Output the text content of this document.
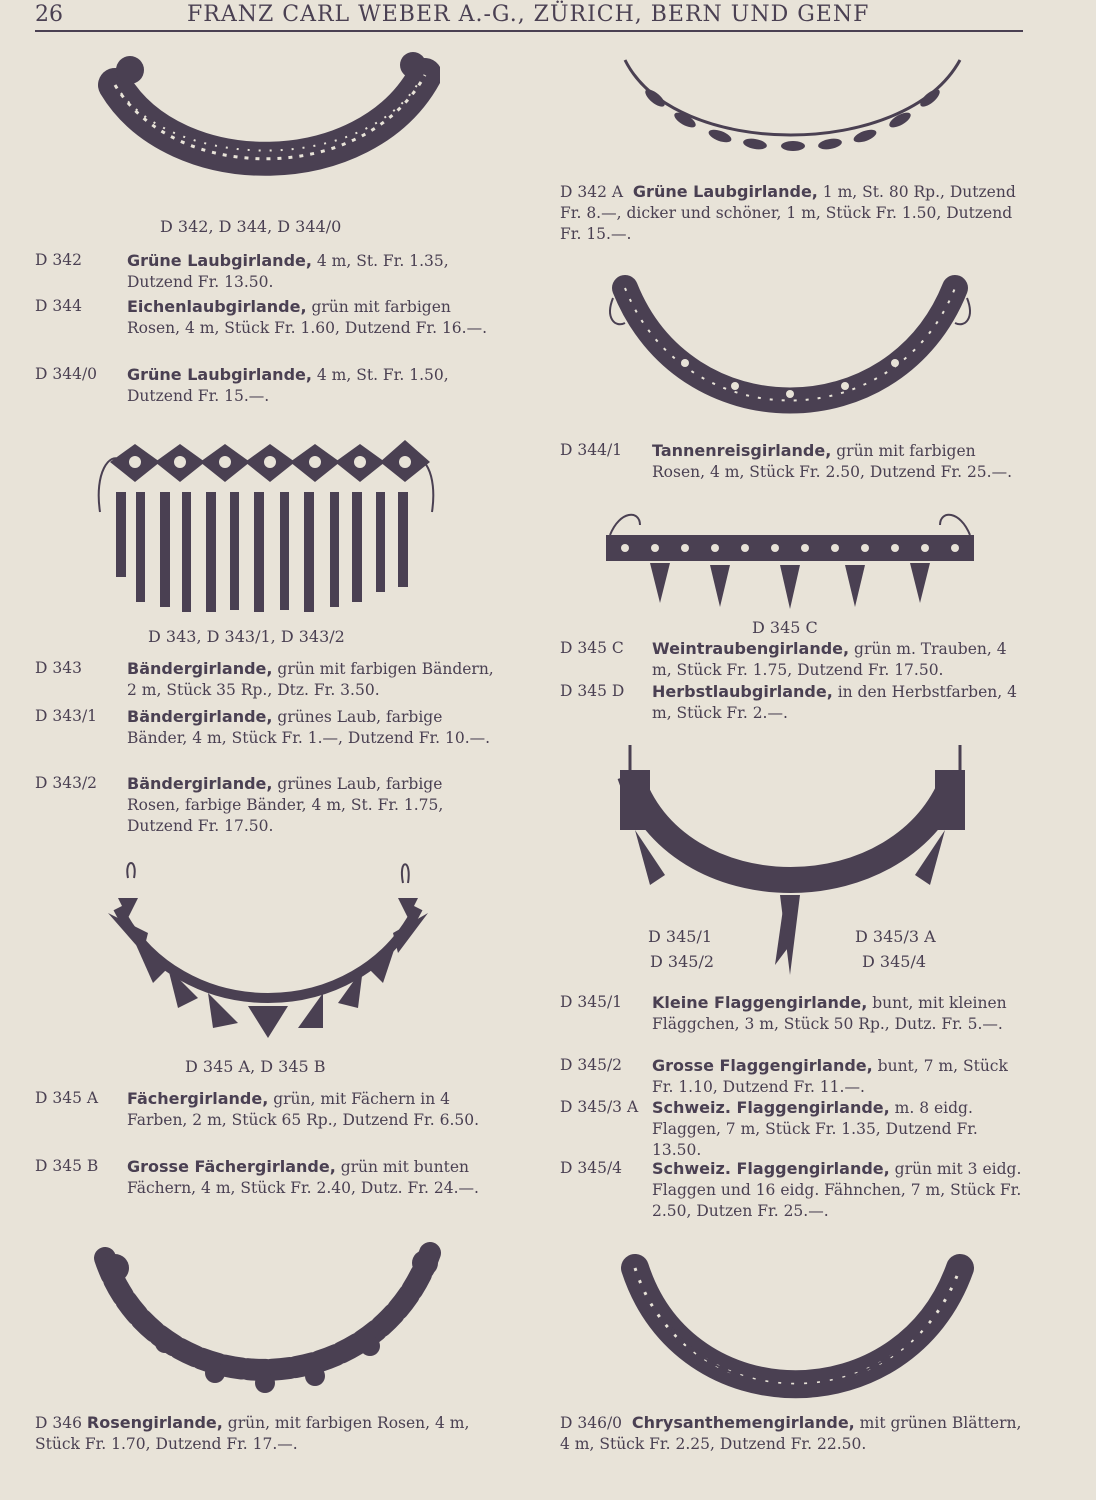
26	FRANZ CARL WEBER A.-G., ZÜRICH, BERN UND GENF
D 342, D 344, D 344/0
D 342	Grüne Laubgirlande, 4 m, St. Fr. 1.35, Dutzend Fr. 13.50.
D 344	Eichenlaubgirlande, grün mit farbigen Rosen, 4 m, Stück Fr. 1.60, Dutzend Fr. 16.—.
D 344/0 Grüne Laubgirlande, 4 m, St. Fr. 1.50, Dutzend Fr. 15.—.
D 343, D 343/1, D 343/2
D 343	Bändergirlande, grün mit farbigen Bändern, 2 m, Stück 35 Rp., Dtz. Fr. 3.50.
D 343/1 Bändergirlande, grünes Laub, farbige Bänder, 4 m, Stück Fr. 1.—, Dutzend Fr. 10.—.
D 343/2 Bändergirlande, grünes Laub, farbige Rosen, farbige Bänder, 4 m, St. Fr. 1.75, Dutzend Fr. 17.50.
D 345 A, D 345 B
D 345 A Fächergirlande, grün, mit Fächern in 4 Farben, 2 m, Stück 65 Rp., Dutzend Fr. 6.50.
D 345 B Grosse Fächergirlande, grün mit bunten Fächern, 4 m, Stück Fr. 2.40, Dutz. Fr. 24.—.
D 346 Rosengirlande, grün, mit farbigen Rosen, 4 m, Stück Fr. 1.70, Dutzend Fr. 17.—.
D 342 A Grüne Laubgirlande, 1 m, St. 80 Rp., Dutzend Fr. 8.—, dicker und schöner, 1 m, Stück Fr. 1.50, Dutzend Fr. 15.—.
D 344/1 Tannenreisgirlande, grün mit farbigen Rosen, 4 m, Stück Fr. 2.50, Dutzend Fr. 25.—.
D 345 C
D 345 C Weintraubengirlande, grün m. Trauben, 4 m, Stück Fr. 1.75, Dutzend Fr. 17.50.
D 345 D Herbstlaubgirlande, in den Herbstfarben, 4 m, Stück Fr. 2.—.
D 345/1
D 345/2
D 345/3 A
D 345/4
D 345/1 Kleine Flaggengirlande, bunt, mit kleinen Fläggchen, 3 m, Stück 50 Rp., Dutz. Fr. 5.—.
D 345/2 Grosse Flaggengirlande, bunt, 7 m, Stück Fr. 1.10, Dutzend Fr. 11.—.
D 345/3 A Schweiz. Flaggengirlande, m. 8 eidg. Flaggen, 7 m, Stück Fr. 1.35, Dutzend Fr. 13.50.
D 345/4 Schweiz. Flaggengirlande, grün mit 3 eidg. Flaggen und 16 eidg. Fähnchen, 7 m, Stück Fr. 2.50, Dutzen Fr. 25.—.
D 346/0 Chrysanthemengirlande, mit grünen Blättern, 4 m, Stück Fr. 2.25, Dutzend Fr. 22.50.
